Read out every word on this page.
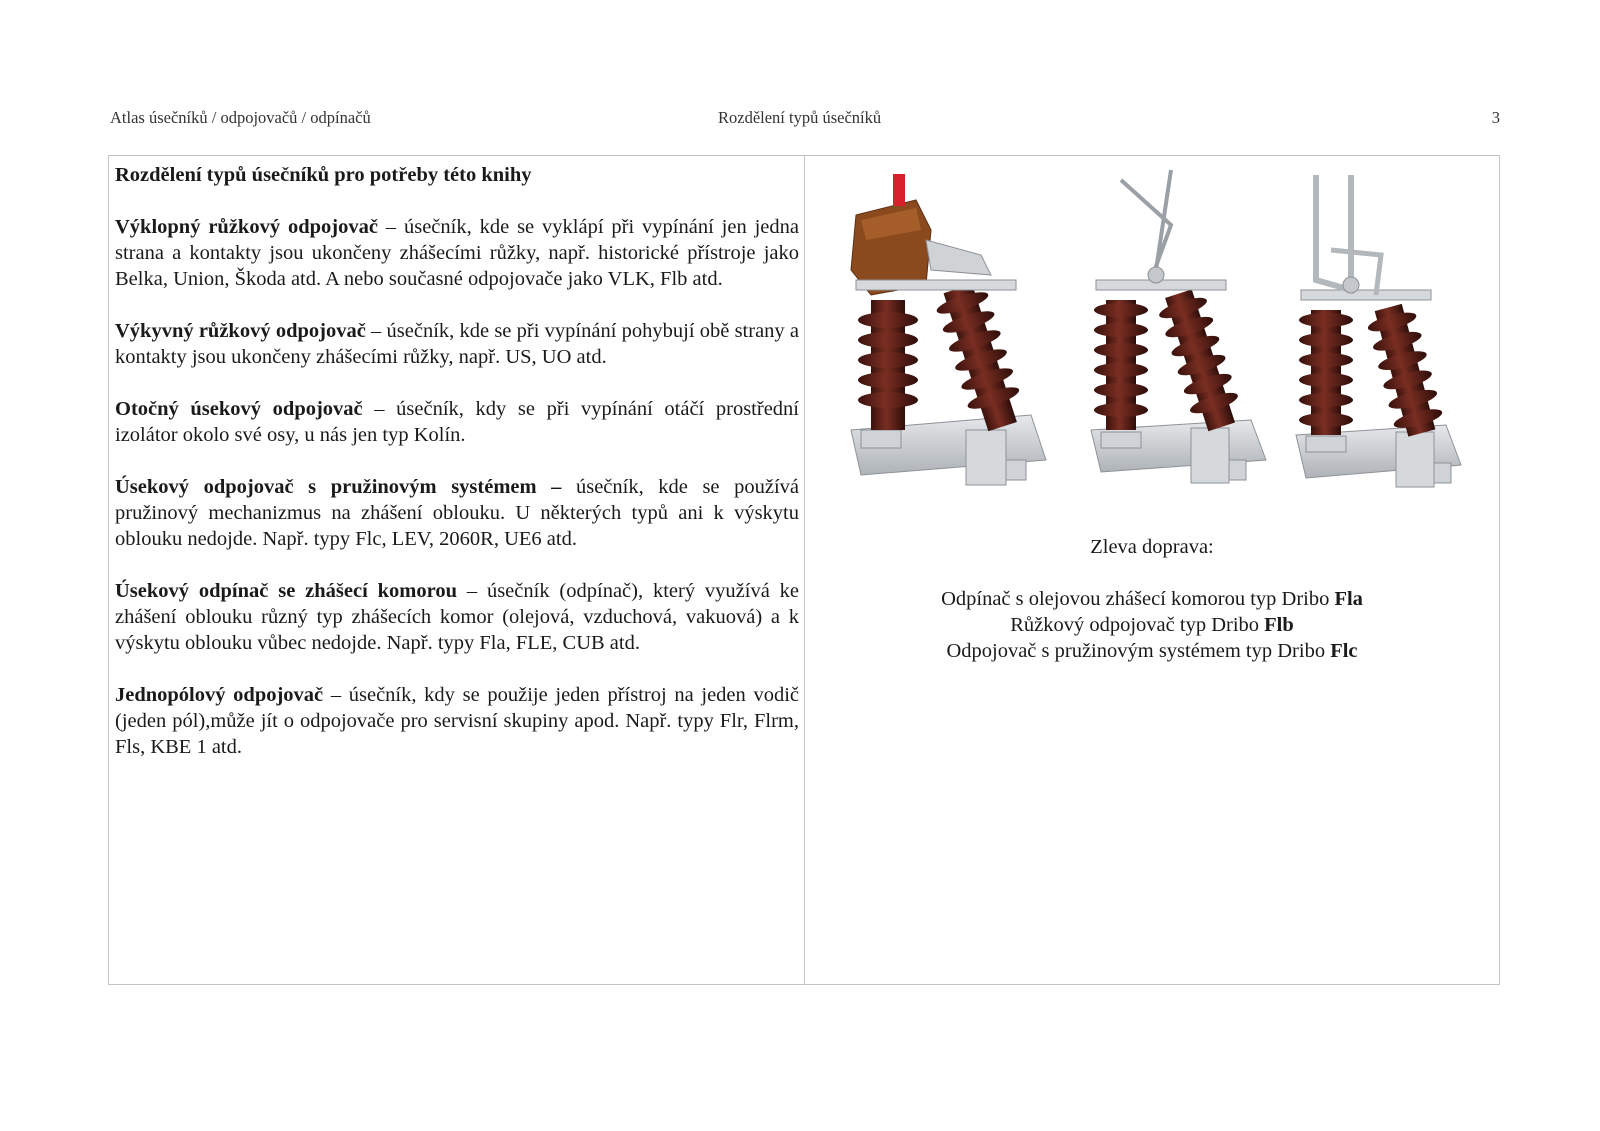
Atlas úsečníků / odpojovačů / odpínačů	Rozdělení typů úsečníků	3

Rozdělení typů úsečníků pro potřeby této knihy

Výklopný růžkový odpojovač – úsečník, kde se vyklápí při vypínání jen jedna strana a kontakty jsou ukončeny zhášecími růžky, např. historické přístroje jako Belka, Union, Škoda atd. A nebo současné odpojovače jako VLK, Flb atd.

Výkyvný růžkový odpojovač – úsečník, kde se při vypínání pohybují obě strany a kontakty jsou ukončeny zhášecími růžky, např. US, UO atd.

Otočný úsekový odpojovač – úsečník, kdy se při vypínání otáčí prostřední izolátor okolo své osy, u nás jen typ Kolín.

Úsekový odpojovač s pružinovým systémem – úsečník, kde se používá pružinový mechanizmus na zhášení oblouku. U některých typů ani k výskytu oblouku nedojde. Např. typy Flc, LEV, 2060R, UE6 atd.

Úsekový odpínač se zhášecí komorou – úsečník (odpínač), který využívá ke zhášení oblouku různý typ zhášecích komor (olejová, vzduchová, vakuová) a k výskytu oblouku vůbec nedojde. Např. typy Fla, FLE, CUB atd.

Jednopólový odpojovač – úsečník, kdy se použije jeden přístroj na jeden vodič (jeden pól),může jít o odpojovače pro servisní skupiny apod. Např. typy Flr, Flrm, Fls, KBE 1 atd.

Zleva doprava:
Odpínač s olejovou zhášecí komorou typ Dribo Fla
Růžkový odpojovač typ Dribo Flb
Odpojovač s pružinovým systémem typ Dribo Flc
